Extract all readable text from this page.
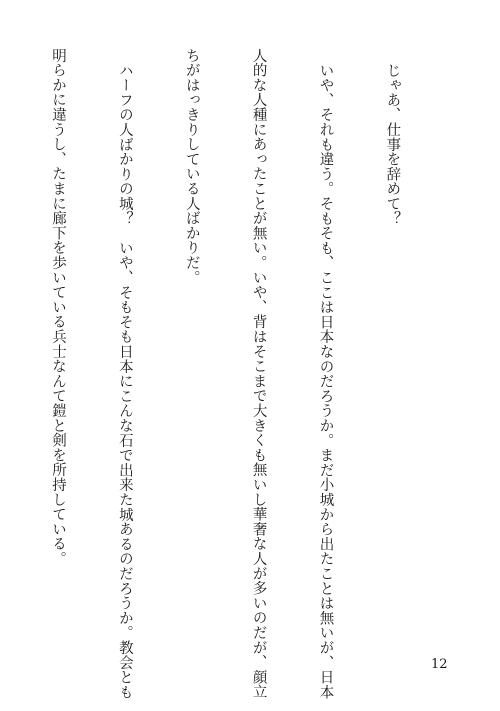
じゃあ、仕事を辞めて？

いや、それも違う。そもそも、ここは日本なのだろうか。まだ小城から出たことは無いが、日本

人的な人種にあったことが無い。いや、背はそこまで大きくも無いし華奢な人が多いのだが、顔立

ちがはっきりしている人ばかりだ。

ハーフの人ばかりの城？　いや、そもそも日本にこんな石で出来た城あるのだろうか。教会とも

明らかに違うし、たまに廊下を歩いている兵士なんて鎧と剣を所持している。

12
